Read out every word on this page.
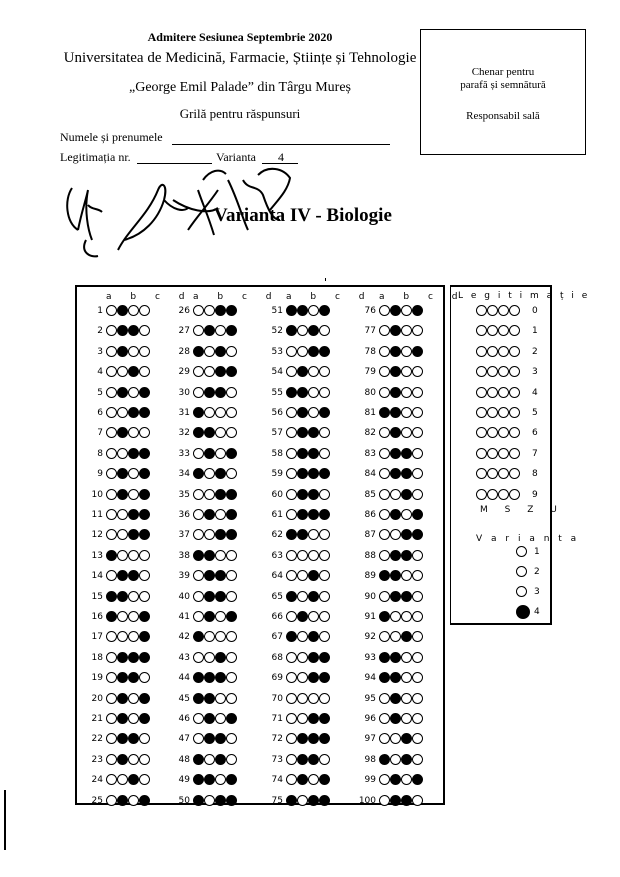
Admitere Sesiunea Septembrie 2020
Universitatea de Medicină, Farmacie, Științe și Tehnologie
„George Emil Palade” din Târgu Mureș
Grilă pentru răspunsuri
Chenar pentru
parafă și semnătură
Responsabil sală
Numele și prenumele
Legitimația nr.	Varianta 4
Varianta IV - Biologie
a b c d a b c d a b c d a b c d
1
2
3
4
5
6
7
8
9
10
11
12
13
14
15
16
17
18
19
20
21
22
23
24
25
26
27
28
29
30
31
32
33
34
35
36
37
38
39
40
41
42
43
44
45
46
47
48
49
50
51
52
53
54
55
56
57
58
59
60
61
62
63
64
65
66
67
68
69
70
71
72
73
74
75
76
77
78
79
80
81
82
83
84
85
86
87
88
89
90
91
92
93
94
95
96
97
98
99
100
L e g i t i m a ț i e
0
1
2
3
4
5
6
7
8
9
M S Z U
V a r i a n t a
1
2
3
4
